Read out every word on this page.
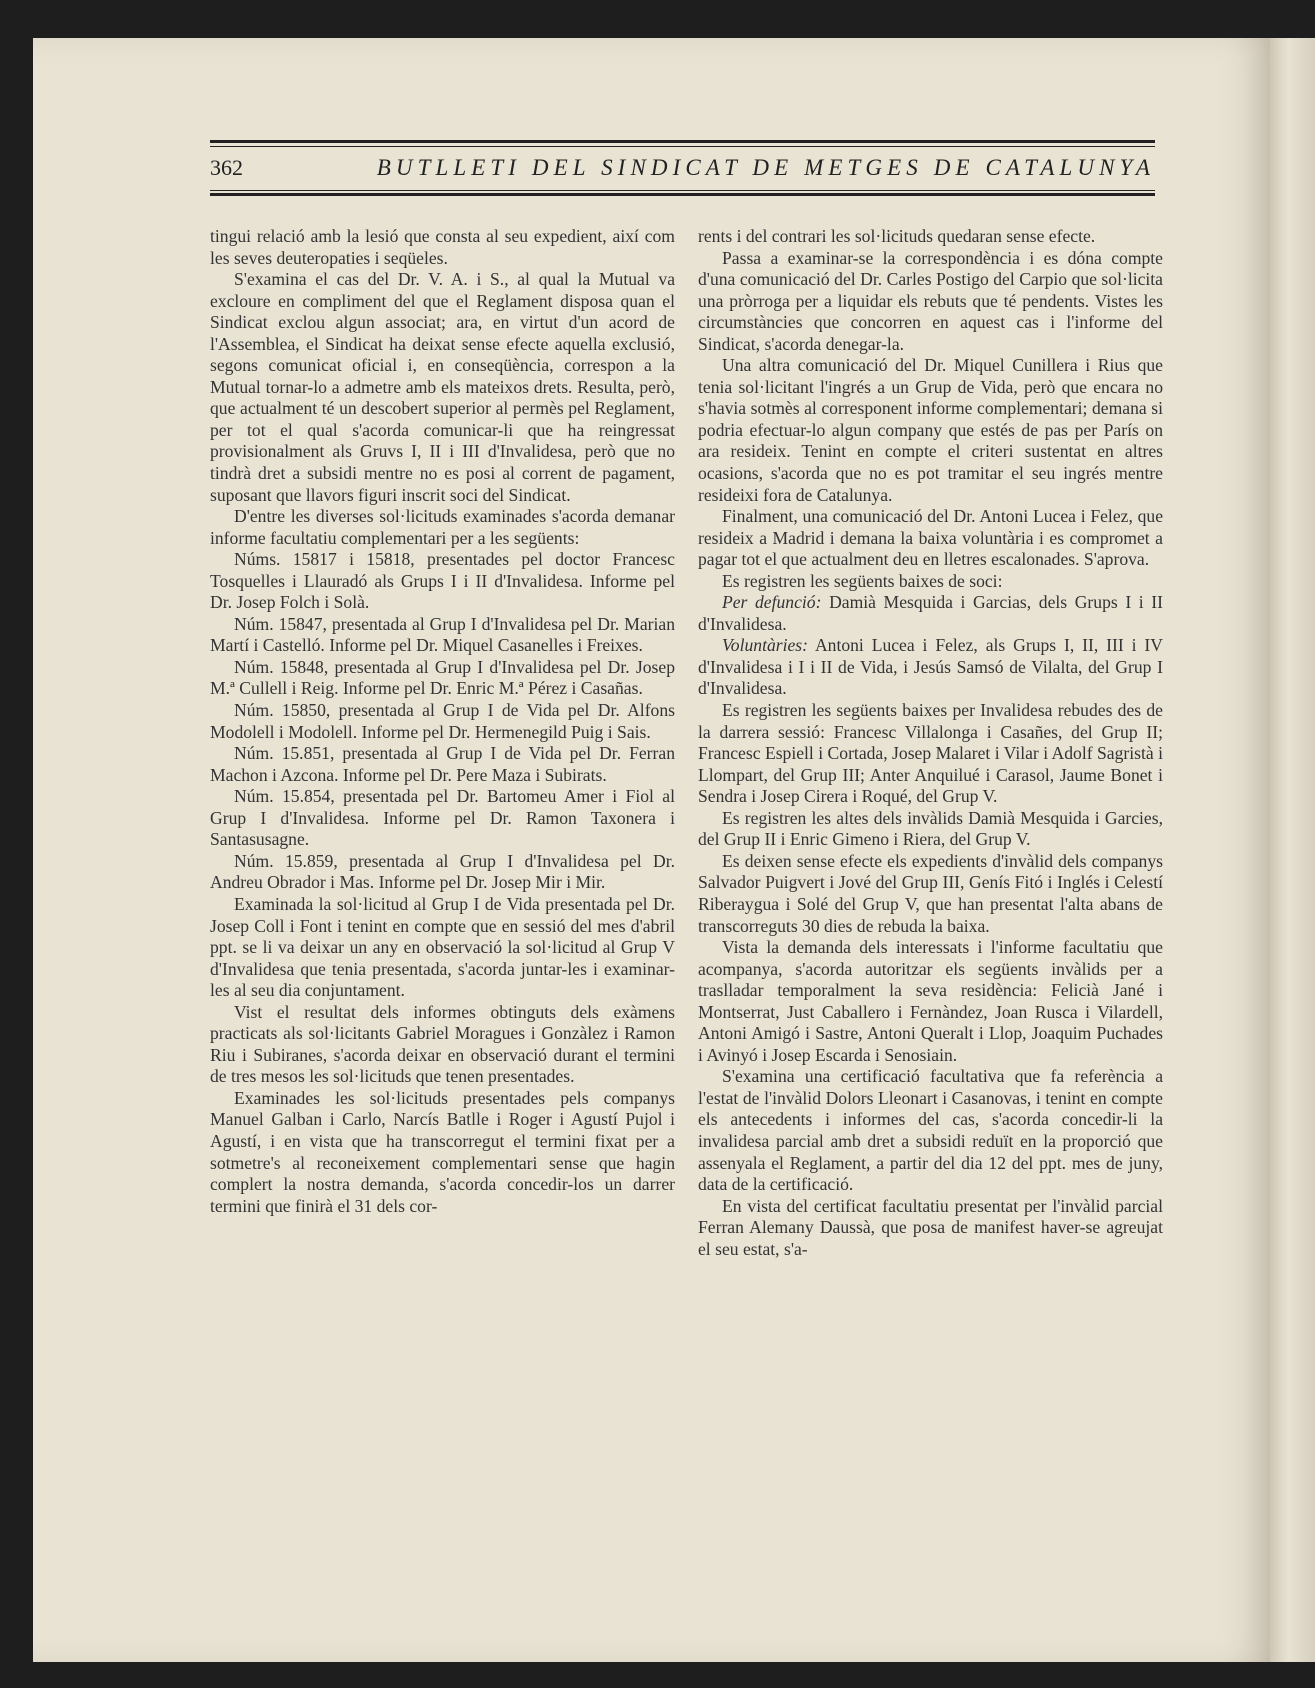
362	BUTLLETI DEL SINDICAT DE METGES DE CATALUNYA

tingui relació amb la lesió que consta al seu expedient, així com les seves deuteropaties i seqüeles.

S'examina el cas del Dr. V. A. i S., al qual la Mutual va excloure en compliment del que el Reglament disposa quan el Sindicat exclou algun associat; ara, en virtut d'un acord de l'Assemblea, el Sindicat ha deixat sense efecte aquella exclusió, segons comunicat oficial i, en conseqüència, correspon a la Mutual tornar-lo a admetre amb els mateixos drets. Resulta, però, que actualment té un descobert superior al permès pel Reglament, per tot el qual s'acorda comunicar-li que ha reingressat provisionalment als Gruvs I, II i III d'Invalidesa, però que no tindrà dret a subsidi mentre no es posi al corrent de pagament, suposant que llavors figuri inscrit soci del Sindicat.

D'entre les diverses sol·licituds examinades s'acorda demanar informe facultatiu complementari per a les següents:

Núms. 15817 i 15818, presentades pel doctor Francesc Tosquelles i Llauradó als Grups I i II d'Invalidesa. Informe pel Dr. Josep Folch i Solà.

Núm. 15847, presentada al Grup I d'Invalidesa pel Dr. Marian Martí i Castelló. Informe pel Dr. Miquel Casanelles i Freixes.

Núm. 15848, presentada al Grup I d'Invalidesa pel Dr. Josep M.ª Cullell i Reig. Informe pel Dr. Enric M.ª Pérez i Casañas.

Núm. 15850, presentada al Grup I de Vida pel Dr. Alfons Modolell i Modolell. Informe pel Dr. Hermenegild Puig i Sais.

Núm. 15.851, presentada al Grup I de Vida pel Dr. Ferran Machon i Azcona. Informe pel Dr. Pere Maza i Subirats.

Núm. 15.854, presentada pel Dr. Bartomeu Amer i Fiol al Grup I d'Invalidesa. Informe pel Dr. Ramon Taxonera i Santasusagne.

Núm. 15.859, presentada al Grup I d'Invalidesa pel Dr. Andreu Obrador i Mas. Informe pel Dr. Josep Mir i Mir.

Examinada la sol·licitud al Grup I de Vida presentada pel Dr. Josep Coll i Font i tenint en compte que en sessió del mes d'abril ppt. se li va deixar un any en observació la sol·licitud al Grup V d'Invalidesa que tenia presentada, s'acorda juntar-les i examinar-les al seu dia conjuntament.

Vist el resultat dels informes obtinguts dels exàmens practicats als sol·licitants Gabriel Moragues i Gonzàlez i Ramon Riu i Subiranes, s'acorda deixar en observació durant el termini de tres mesos les sol·licituds que tenen presentades.

Examinades les sol·licituds presentades pels companys Manuel Galban i Carlo, Narcís Batlle i Roger i Agustí Pujol i Agustí, i en vista que ha transcorregut el termini fixat per a sotmetre's al reconeixement complementari sense que hagin complert la nostra demanda, s'acorda concedir-los un darrer termini que finirà el 31 dels cor-

rents i del contrari les sol·licituds quedaran sense efecte.

Passa a examinar-se la correspondència i es dóna compte d'una comunicació del Dr. Carles Postigo del Carpio que sol·licita una pròrroga per a liquidar els rebuts que té pendents. Vistes les circumstàncies que concorren en aquest cas i l'informe del Sindicat, s'acorda denegar-la.

Una altra comunicació del Dr. Miquel Cunillera i Rius que tenia sol·licitant l'ingrés a un Grup de Vida, però que encara no s'havia sotmès al corresponent informe complementari; demana si podria efectuar-lo algun company que estés de pas per París on ara resideix. Tenint en compte el criteri sustentat en altres ocasions, s'acorda que no es pot tramitar el seu ingrés mentre resideixi fora de Catalunya.

Finalment, una comunicació del Dr. Antoni Lucea i Felez, que resideix a Madrid i demana la baixa voluntària i es compromet a pagar tot el que actualment deu en lletres escalonades. S'aprova.

Es registren les següents baixes de soci:

Per defunció: Damià Mesquida i Garcias, dels Grups I i II d'Invalidesa.

Voluntàries: Antoni Lucea i Felez, als Grups I, II, III i IV d'Invalidesa i I i II de Vida, i Jesús Samsó de Vilalta, del Grup I d'Invalidesa.

Es registren les següents baixes per Invalidesa rebudes des de la darrera sessió: Francesc Villalonga i Casañes, del Grup II; Francesc Espiell i Cortada, Josep Malaret i Vilar i Adolf Sagristà i Llompart, del Grup III; Anter Anquilué i Carasol, Jaume Bonet i Sendra i Josep Cirera i Roqué, del Grup V.

Es registren les altes dels invàlids Damià Mesquida i Garcies, del Grup II i Enric Gimeno i Riera, del Grup V.

Es deixen sense efecte els expedients d'invàlid dels companys Salvador Puigvert i Jové del Grup III, Genís Fitó i Inglés i Celestí Riberaygua i Solé del Grup V, que han presentat l'alta abans de transcorreguts 30 dies de rebuda la baixa.

Vista la demanda dels interessats i l'informe facultatiu que acompanya, s'acorda autoritzar els següents invàlids per a traslladar temporalment la seva residència: Felicià Jané i Montserrat, Just Caballero i Fernàndez, Joan Rusca i Vilardell, Antoni Amigó i Sastre, Antoni Queralt i Llop, Joaquim Puchades i Avinyó i Josep Escarda i Senosiain.

S'examina una certificació facultativa que fa referència a l'estat de l'invàlid Dolors Lleonart i Casanovas, i tenint en compte els antecedents i informes del cas, s'acorda concedir-li la invalidesa parcial amb dret a subsidi reduït en la proporció que assenyala el Reglament, a partir del dia 12 del ppt. mes de juny, data de la certificació.

En vista del certificat facultatiu presentat per l'invàlid parcial Ferran Alemany Daussà, que posa de manifest haver-se agreujat el seu estat, s'a-
